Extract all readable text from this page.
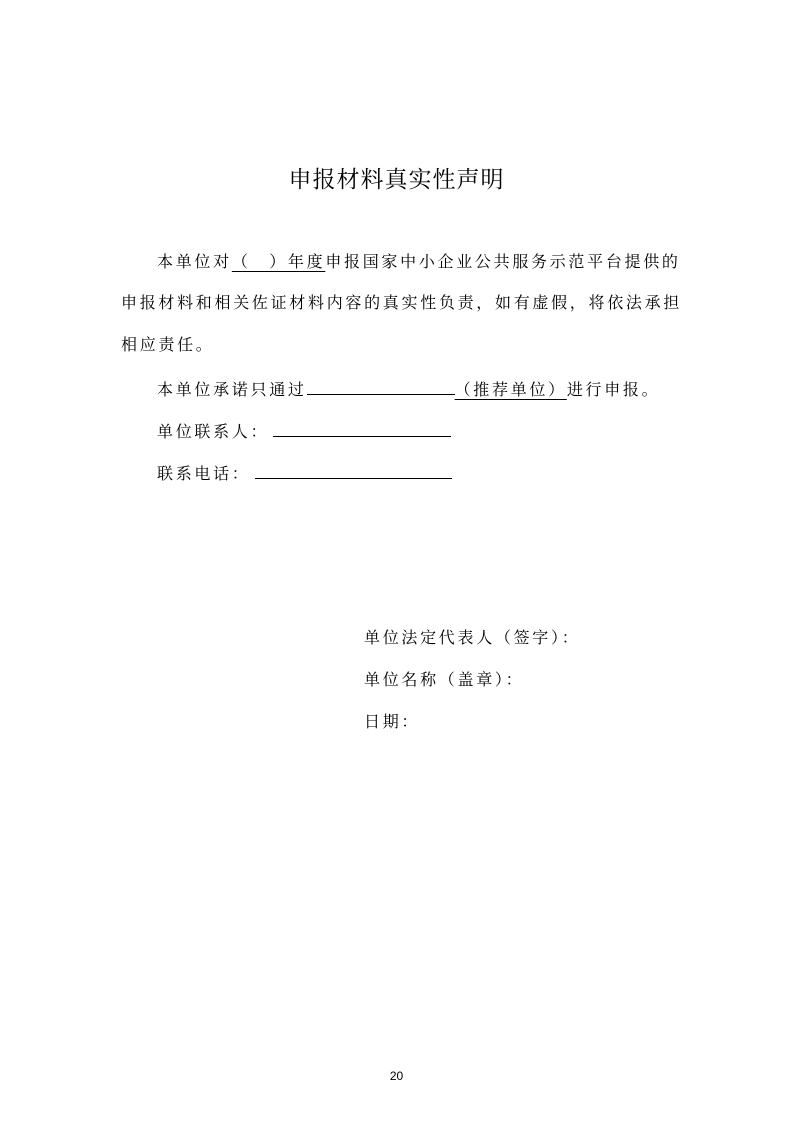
申报材料真实性声明
本单位对（　）年度申报国家中小企业公共服务示范平台提供的
申报材料和相关佐证材料内容的真实性负责，如有虚假，将依法承担
相应责任。
本单位承诺只通过	（推荐单位）进行申报。
单位联系人：
联系电话：
单位法定代表人（签字）：
单位名称（盖章）：
日期：
20
